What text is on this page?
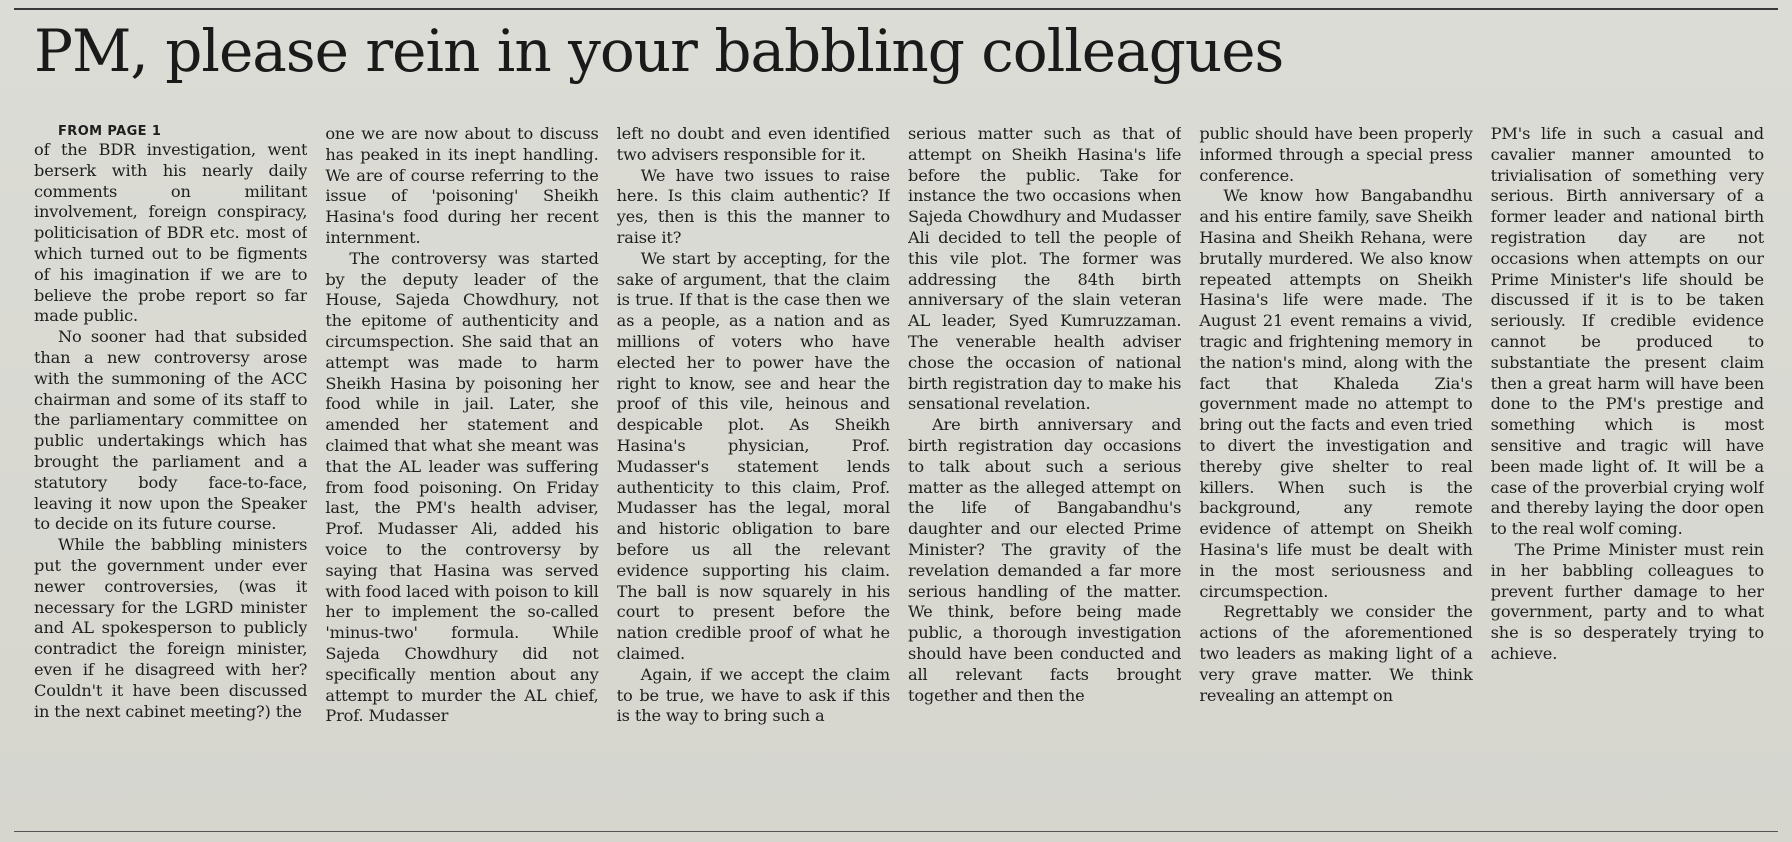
PM, please rein in your babbling colleagues

FROM PAGE 1

of the BDR investigation, went berserk with his nearly daily comments on militant involvement, foreign conspiracy, politicisation of BDR etc. most of which turned out to be figments of his imagination if we are to believe the probe report so far made public.

No sooner had that subsided than a new controversy arose with the summoning of the ACC chairman and some of its staff to the parliamentary committee on public undertakings which has brought the parliament and a statutory body face-to-face, leaving it now upon the Speaker to decide on its future course.

While the babbling ministers put the government under ever newer controversies, (was it necessary for the LGRD minister and AL spokesperson to publicly contradict the foreign minister, even if he disagreed with her? Couldn't it have been discussed in the next cabinet meeting?) the

one we are now about to discuss has peaked in its inept handling. We are of course referring to the issue of 'poisoning' Sheikh Hasina's food during her recent internment.

The controversy was started by the deputy leader of the House, Sajeda Chowdhury, not the epitome of authenticity and circumspection. She said that an attempt was made to harm Sheikh Hasina by poisoning her food while in jail. Later, she amended her statement and claimed that what she meant was that the AL leader was suffering from food poisoning. On Friday last, the PM's health adviser, Prof. Mudasser Ali, added his voice to the controversy by saying that Hasina was served with food laced with poison to kill her to implement the so-called 'minus-two' formula. While Sajeda Chowdhury did not specifically mention about any attempt to murder the AL chief, Prof. Mudasser

left no doubt and even identified two advisers responsible for it.

We have two issues to raise here. Is this claim authentic? If yes, then is this the manner to raise it?

We start by accepting, for the sake of argument, that the claim is true. If that is the case then we as a people, as a nation and as millions of voters who have elected her to power have the right to know, see and hear the proof of this vile, heinous and despicable plot. As Sheikh Hasina's physician, Prof. Mudasser's statement lends authenticity to this claim, Prof. Mudasser has the legal, moral and historic obligation to bare before us all the relevant evidence supporting his claim. The ball is now squarely in his court to present before the nation credible proof of what he claimed.

Again, if we accept the claim to be true, we have to ask if this is the way to bring such a

serious matter such as that of attempt on Sheikh Hasina's life before the public. Take for instance the two occasions when Sajeda Chowdhury and Mudasser Ali decided to tell the people of this vile plot. The former was addressing the 84th birth anniversary of the slain veteran AL leader, Syed Kumruzzaman. The venerable health adviser chose the occasion of national birth registration day to make his sensational revelation.

Are birth anniversary and birth registration day occasions to talk about such a serious matter as the alleged attempt on the life of Bangabandhu's daughter and our elected Prime Minister? The gravity of the revelation demanded a far more serious handling of the matter. We think, before being made public, a thorough investigation should have been conducted and all relevant facts brought together and then the

public should have been properly informed through a special press conference.

We know how Bangabandhu and his entire family, save Sheikh Hasina and Sheikh Rehana, were brutally murdered. We also know repeated attempts on Sheikh Hasina's life were made. The August 21 event remains a vivid, tragic and frightening memory in the nation's mind, along with the fact that Khaleda Zia's government made no attempt to bring out the facts and even tried to divert the investigation and thereby give shelter to real killers. When such is the background, any remote evidence of attempt on Sheikh Hasina's life must be dealt with in the most seriousness and circumspection.

Regrettably we consider the actions of the aforementioned two leaders as making light of a very grave matter. We think revealing an attempt on

PM's life in such a casual and cavalier manner amounted to trivialisation of something very serious. Birth anniversary of a former leader and national birth registration day are not occasions when attempts on our Prime Minister's life should be discussed if it is to be taken seriously. If credible evidence cannot be produced to substantiate the present claim then a great harm will have been done to the PM's prestige and something which is most sensitive and tragic will have been made light of. It will be a case of the proverbial crying wolf and thereby laying the door open to the real wolf coming.

The Prime Minister must rein in her babbling colleagues to prevent further damage to her government, party and to what she is so desperately trying to achieve.
